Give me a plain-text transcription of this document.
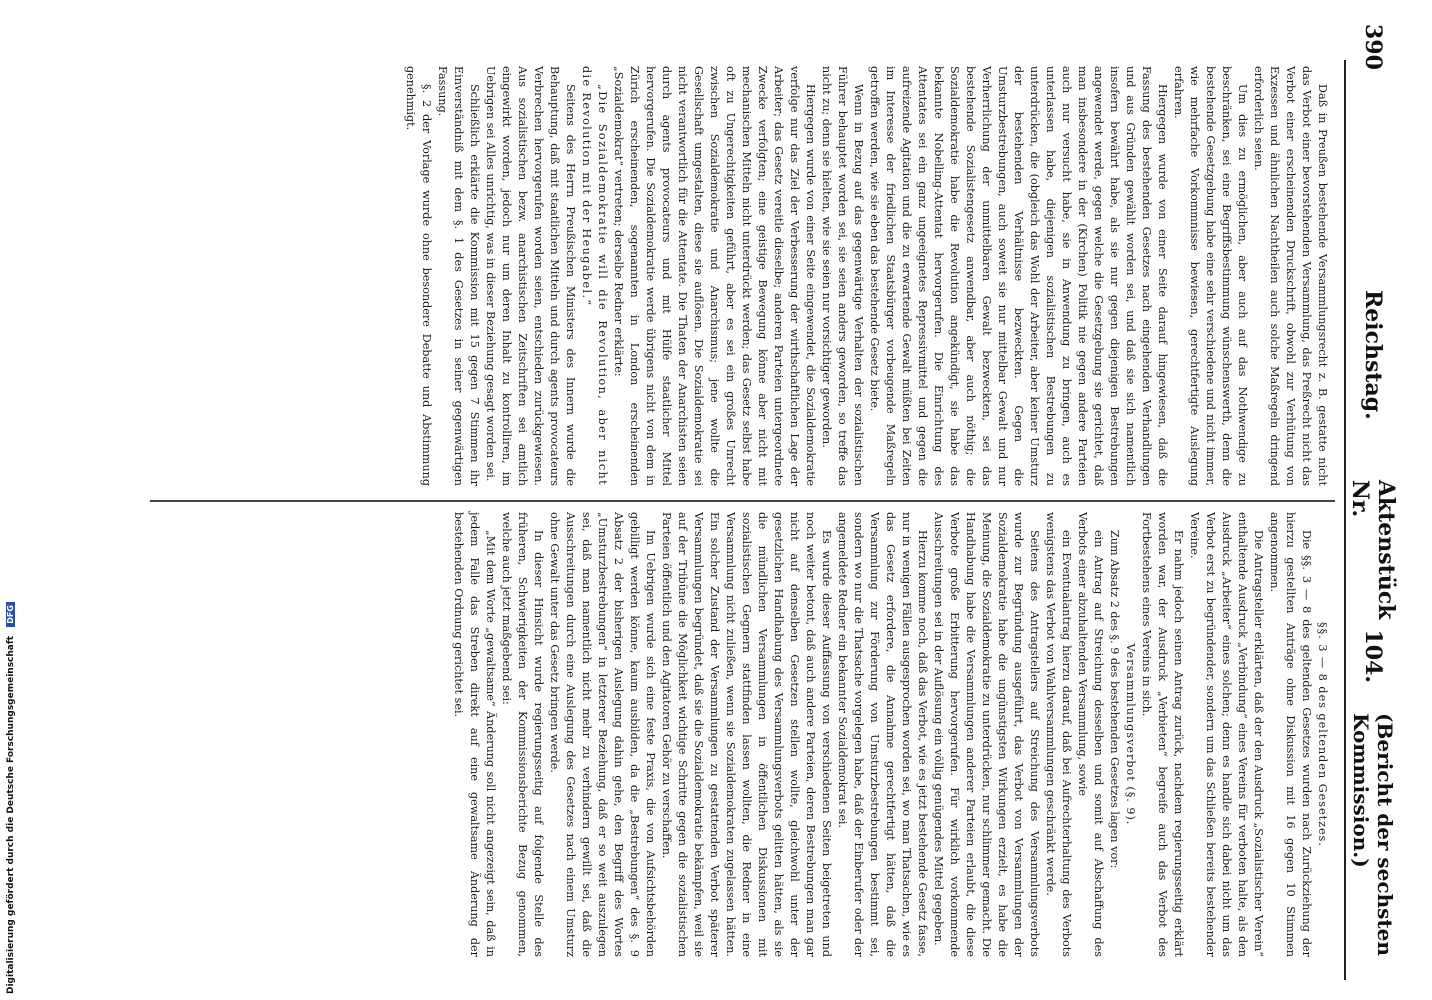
390
Reichstag.
Aktenstück Nr.
104.
(Bericht der sechsten Kommission.)

Daß in Preußen bestehende Versammlungsrecht z. B. gestatte nicht das Verbot einer bevorstehenden Versammlung, das Preßrecht nicht das Verbot einer erscheinenden Druckschrift, obwohl zur Verhütung von Exzessen und ähnlichen Nachtheilen auch solche Maßregeln dringend erforderlich seien.

Um dies zu ermöglichen, aber auch auf das Nothwendige zu beschränken, sei eine Begriffsbestimmung wünschenswerth, denn die bestehende Gesetzgebung habe eine sehr verschiedene und nicht immer, wie mehrfache Vorkommnisse bewiesen, gerechtfertigte Auslegung erfahren.

Hiergegen wurde von einer Seite darauf hingewiesen, daß die Fassung des bestehenden Gesetzes nach eingehenden Verhandlungen und aus Gründen gewählt worden sei, und daß sie sich namentlich insofern bewährt habe, als sie nur gegen diejenigen Bestrebungen angewendet werde, gegen welche die Gesetzgebung sie gerichtet, daß man insbesondere in der (Kirchen) Politik nie gegen andere Parteien auch nur versucht habe, sie in Anwendung zu bringen, auch es unterlassen habe, diejenigen sozialistischen Bestrebungen zu unterdrücken, die (obgleich das Wohl der Arbeiter, aber keiner Umsturz der bestehenden Verhältnisse bezweckten. Gegen die Umsturzbestrebungen, auch soweit sie nur mittelbar Gewalt und nur Verherrlichung der unmittelbaren Gewalt bezweckten, sei das bestehende Sozialistengesetz anwendbar, aber auch nöthig; die Sozialdemokratie habe die Revolution angekündigt, sie habe das bekannte Nobelling-Attentat hervorgerufen. Die Einrichtung des Attentates sei ein ganz ungeeignetes Repressivmittel und gegen die aufreizende Agitation und die zu erwartende Gewalt müßten bei Zeiten im Interesse der friedlichen Staatsbürger vorbeugende Maßregeln getroffen werden, wie sie eben das bestehende Gesetz biete.

Wenn in Bezug auf das gegenwärtige Verhalten der sozialistischen Führer behauptet worden sei, sie seien anders geworden, so treffe das nicht zu; denn sie hielten, wie sie seien nur vorsichtiger geworden.

Hiergegen wurde von einer Seite eingewendet, die Sozialdemokratie verfolge nur das Ziel der Verbesserung der wirthschaftlichen Lage der Arbeiter; das Gesetz vereitle dieselbe; anderen Parteien untergeordnete Zwecke verfolgten; eine geistige Bewegung könne aber nicht mit mechanischen Mitteln nicht unterdrückt werden; das Gesetz selbst habe oft zu Ungerechtigkeiten geführt, aber es sei ein großes Unrecht zwischen Sozialdemokratie und Anarchismus; jene wollte die Gesellschaft umgestalten, diese sie auflösen. Die Sozialdemokratie sei nicht verantwortlich für die Attentate. Die Thaten der Anarchisten seien durch agents provocateurs und mit Hülfe staatlicher Mittel hervorgerufen. Die Sozialdemokratie werde übrigens nicht von dem in Zürich erscheinenden, sogenannten in London erscheinenden „Sozialdemokrat“ vertreten; derselbe Redner erklärte:

„Die Sozialdemokratie will die Revolution, aber nicht die Revolution mit der Heugabel.“

Seitens des Herrn Preußischen Ministers des Innern wurde die Behauptung, daß mit staatlichen Mitteln und durch agents provocateurs Verbrechen hervorgerufen worden seien, entschieden zurückgewiesen. Aus sozialistischen bezw. anarchistischen Zeitschriften sei amtlich eingewirkt worden, jedoch nur um deren Inhalt zu kontrolliren, im Uebrigen sei Alles unrichtig, was in dieser Beziehung gesagt worden sei.

Schließlich erklärte die Kommission mit 15 gegen 7 Stimmen ihr Einverständniß mit dem §. 1 des Gesetzes in seiner gegenwärtigen Fassung.

§. 2 der Vorlage wurde ohne besondere Debatte und Abstimmung genehmigt.

§§. 3 — 8 des geltenden Gesetzes.

Die §§. 3 — 8 des geltenden Gesetzes wurden nach Zurückziehung der hierzu gestellten Anträge ohne Diskussion mit 16 gegen 10 Stimmen angenommen.

Die Antragsteller erklärten, daß der den Ausdruck „Sozialistischer Verein“ enthaltende Ausdruck „Verbindung“ eines Vereins für verboten halte, als den Ausdruck „Arbeiter“ eines solchen; denn es handle sich dabei nicht um das Verbot erst zu begründender, sondern um das Schließen bereits bestehender Vereine.

Er nahm jedoch seinen Antrag zurück, nachdem regierungsseitig erklärt worden war, der Ausdruck „Verbieten“ begreife auch das Verbot des Fortbestehens eines Vereins in sich.

Versammlungsverbot (§. 9).

Zum Absatz 2 des §. 9 des bestehenden Gesetzes lagen vor:

ein Antrag auf Streichung desselben und somit auf Abschaffung des Verbots einer abzuhaltenden Versammlung, sowie

ein Eventualantrag hierzu darauf, daß bei Aufrechterhaltung des Verbots wenigstens das Verbot von Wahlversammlungen geschränkt werde.

Seitens des Antragstellers auf Streichung des Versammlungsverbots wurde zur Begründung ausgeführt, das Verbot von Versammlungen der Sozialdemokratie habe die ungünstigsten Wirkungen erzielt, es habe die Meinung, die Sozialdemokratie zu unterdrücken, nur schlimmer gemacht. Die Handhabung habe die Versammlungen anderer Parteien erlaubt, die diese Verbote große Erbitterung hervorgerufen. Für wirklich vorkommende Ausschreitungen sei in der Auflösung ein völlig genügendes Mittel gegeben.

Hierzu komme noch, daß das Verbot, wie es jetzt bestehende Gesetz fasse, nur in wenigen Fällen ausgesprochen worden sei, wo man Thatsachen, wie es das Gesetz erfordere, die Annahme gerechtfertigt hätten, daß die Versammlung zur Förderung von Umsturzbestrebungen bestimmt sei, sondern wo nur die Thatsache vorgelegen habe, daß der Einberufer oder der angemeldete Redner ein bekannter Sozialdemokrat sei.

Es wurde dieser Auffassung von verschiedenen Seiten beigetreten und noch weiter betont, daß auch andere Parteien, deren Bestrebungen man gar nicht auf denselben Gesetzen stellen wollte, gleichwohl unter der gesetzlichen Handhabung des Versammlungsverbots gelitten hätten, als sie die mündlichen Versammlungen in öffentlichen Diskussionen mit sozialistischen Gegnern stattfinden lassen wollten, die Redner in eine Versammlung nicht zuließen, wenn sie Sozialdemokraten zugelassen hätten. Ein solcher Zustand der Versammlungen zu gestattenden Verbot späterer Versammlungen begründet, daß sie die Sozialdemokratie bekämpfen, weil sie auf der Tribüne die Möglichkeit wichtige Schritte gegen die sozialistischen Parteien öffentlich und den Agitatoren Gehör zu verschaffen.

Im Uebrigen wurde sich eine feste Praxis, die von Aufsichtsbehörden gebilligt werden könne, kaum ausbilden, da die „Bestrebungen“ des §. 9 Absatz 2 der bisherigen Auslegung dahin gehe, den Begriff des Wortes „Umsturzbestrebungen“ in letzterer Beziehung, daß er so weit auszulegen sei, daß man namentlich nicht mehr zu verhindern gewillt sei, daß die Ausschreitungen durch eine Auslegung des Gesetzes nach einem Umsturz ohne Gewalt unter das Gesetz bringen werde.

In dieser Hinsicht wurde regierungsseitig auf folgende Stelle des früheren, Schwierigkeiten der Kommissionsberichte Bezug genommen, welche auch jetzt maßgebend sei:

„Mit dem Worte „gewaltsame“ Änderung soll nicht angezeigt sein, daß in jedem Falle das Streben direkt auf eine gewaltsame Änderung der bestehenden Ordnung gerichtet sei.

Digitalisierung gefördert durch die Deutsche Forschungsgemeinschaft DFG
